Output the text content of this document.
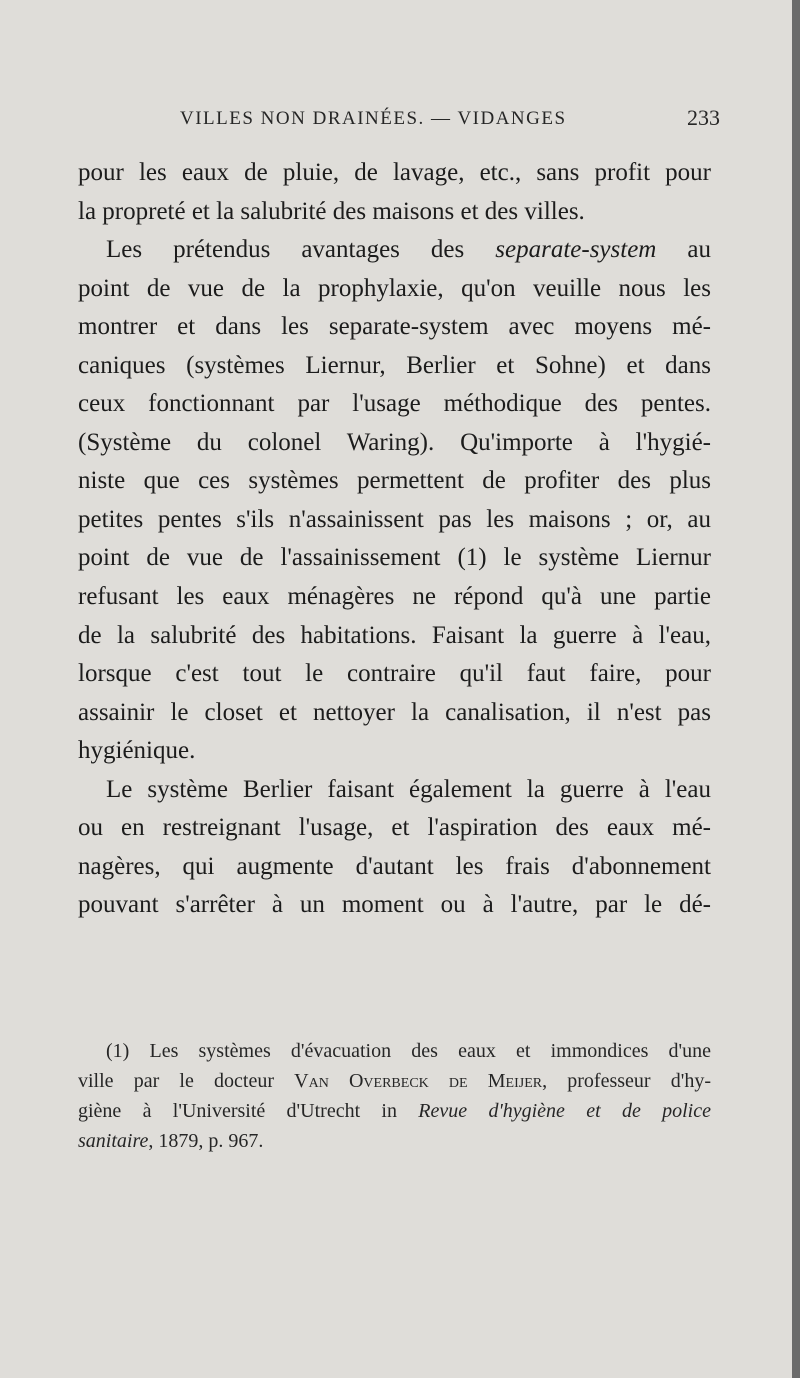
VILLES NON DRAINÉES. — VIDANGES	233
pour les eaux de pluie, de lavage, etc., sans profit pour
la propreté et la salubrité des maisons et des villes.
Les prétendus avantages des separate-system au
point de vue de la prophylaxie, qu'on veuille nous les
montrer et dans les separate-system avec moyens mé-
caniques (systèmes Liernur, Berlier et Sohne) et dans
ceux fonctionnant par l'usage méthodique des pentes.
(Système du colonel Waring). Qu'importe à l'hygié-
niste que ces systèmes permettent de profiter des plus
petites pentes s'ils n'assainissent pas les maisons ; or, au
point de vue de l'assainissement (1) le système Liernur
refusant les eaux ménagères ne répond qu'à une partie
de la salubrité des habitations. Faisant la guerre à l'eau,
lorsque c'est tout le contraire qu'il faut faire, pour
assainir le closet et nettoyer la canalisation, il n'est pas
hygiénique.
Le système Berlier faisant également la guerre à l'eau
ou en restreignant l'usage, et l'aspiration des eaux mé-
nagères, qui augmente d'autant les frais d'abonnement
pouvant s'arrêter à un moment ou à l'autre, par le dé-
(1) Les systèmes d'évacuation des eaux et immondices d'une
ville par le docteur Van Overbeck de Meijer, professeur d'hy-
giène à l'Université d'Utrecht in Revue d'hygiène et de police
sanitaire, 1879, p. 967.
